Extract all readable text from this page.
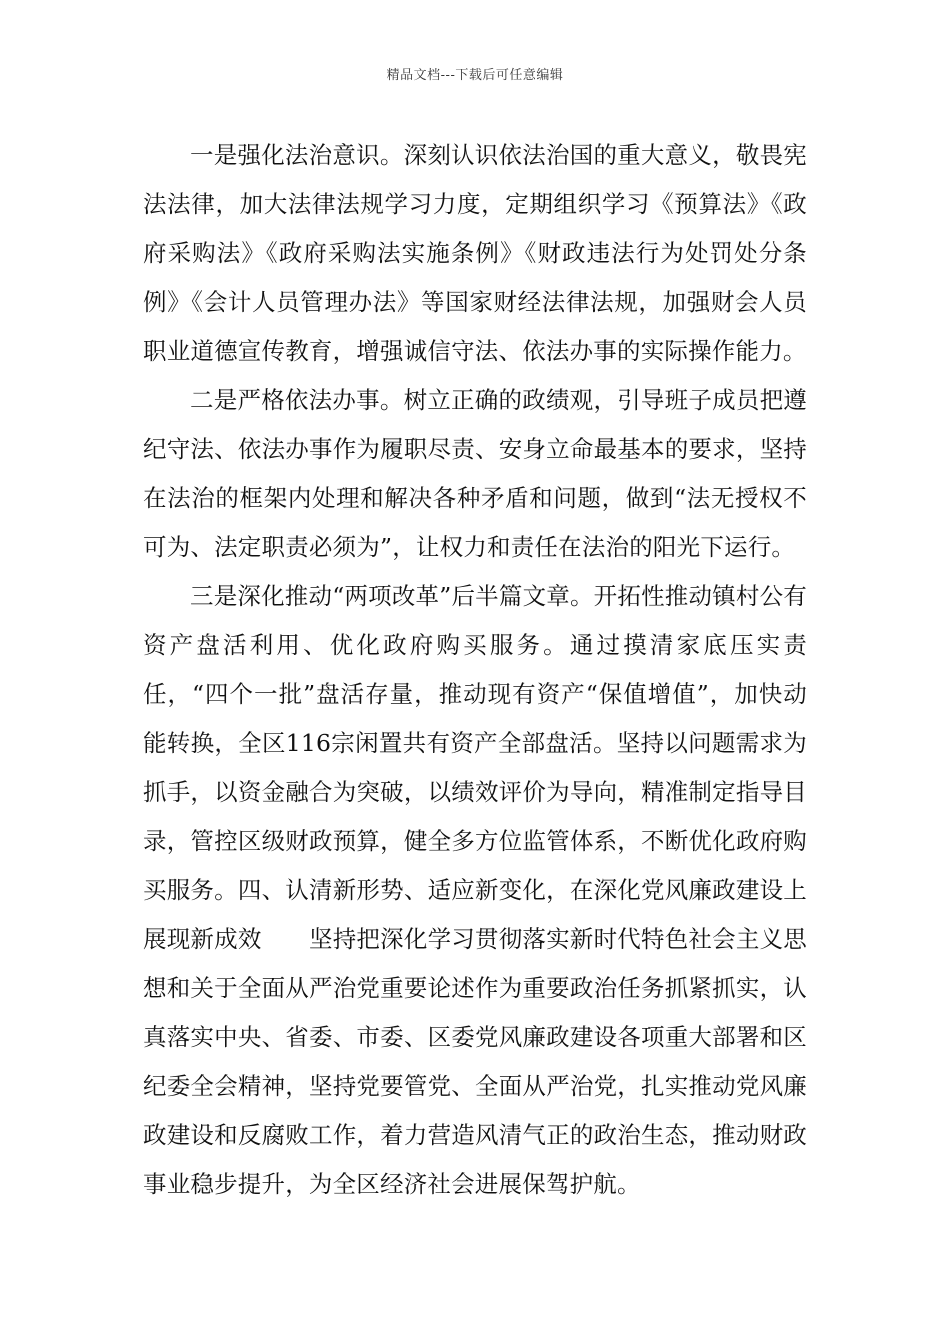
精品文档---下载后可任意编辑

一是强化法治意识。深刻认识依法治国的重大意义，敬畏宪法法律，加大法律法规学习力度，定期组织学习《预算法》《政府采购法》《政府采购法实施条例》《财政违法行为处罚处分条例》《会计人员管理办法》等国家财经法律法规，加强财会人员职业道德宣传教育，增强诚信守法、依法办事的实际操作能力。

二是严格依法办事。树立正确的政绩观，引导班子成员把遵纪守法、依法办事作为履职尽责、安身立命最基本的要求，坚持在法治的框架内处理和解决各种矛盾和问题，做到“法无授权不可为、法定职责必须为”，让权力和责任在法治的阳光下运行。

三是深化推动“两项改革”后半篇文章。开拓性推动镇村公有资产盘活利用、优化政府购买服务。通过摸清家底压实责任，“四个一批”盘活存量，推动现有资产“保值增值”，加快动能转换，全区116宗闲置共有资产全部盘活。坚持以问题需求为抓手，以资金融合为突破，以绩效评价为导向，精准制定指导目录，管控区级财政预算，健全多方位监管体系，不断优化政府购买服务。四、认清新形势、适应新变化，在深化党风廉政建设上展现新成效　　坚持把深化学习贯彻落实新时代特色社会主义思想和关于全面从严治党重要论述作为重要政治任务抓紧抓实，认真落实中央、省委、市委、区委党风廉政建设各项重大部署和区纪委全会精神，坚持党要管党、全面从严治党，扎实推动党风廉政建设和反腐败工作，着力营造风清气正的政治生态，推动财政事业稳步提升，为全区经济社会进展保驾护航。
